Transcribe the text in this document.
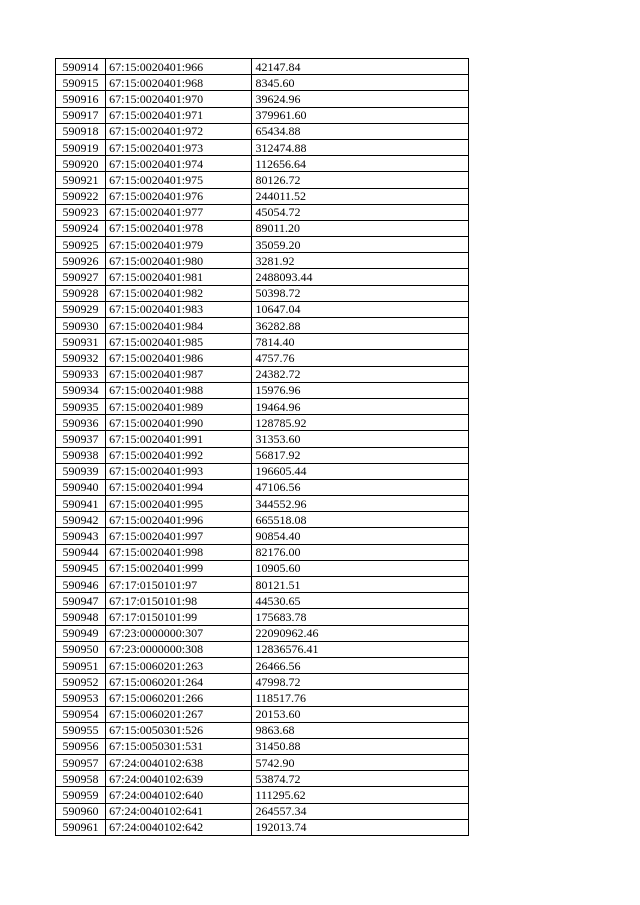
590914	67:15:0020401:966	42147.84
590915	67:15:0020401:968	8345.60
590916	67:15:0020401:970	39624.96
590917	67:15:0020401:971	379961.60
590918	67:15:0020401:972	65434.88
590919	67:15:0020401:973	312474.88
590920	67:15:0020401:974	112656.64
590921	67:15:0020401:975	80126.72
590922	67:15:0020401:976	244011.52
590923	67:15:0020401:977	45054.72
590924	67:15:0020401:978	89011.20
590925	67:15:0020401:979	35059.20
590926	67:15:0020401:980	3281.92
590927	67:15:0020401:981	2488093.44
590928	67:15:0020401:982	50398.72
590929	67:15:0020401:983	10647.04
590930	67:15:0020401:984	36282.88
590931	67:15:0020401:985	7814.40
590932	67:15:0020401:986	4757.76
590933	67:15:0020401:987	24382.72
590934	67:15:0020401:988	15976.96
590935	67:15:0020401:989	19464.96
590936	67:15:0020401:990	128785.92
590937	67:15:0020401:991	31353.60
590938	67:15:0020401:992	56817.92
590939	67:15:0020401:993	196605.44
590940	67:15:0020401:994	47106.56
590941	67:15:0020401:995	344552.96
590942	67:15:0020401:996	665518.08
590943	67:15:0020401:997	90854.40
590944	67:15:0020401:998	82176.00
590945	67:15:0020401:999	10905.60
590946	67:17:0150101:97	80121.51
590947	67:17:0150101:98	44530.65
590948	67:17:0150101:99	175683.78
590949	67:23:0000000:307	22090962.46
590950	67:23:0000000:308	12836576.41
590951	67:15:0060201:263	26466.56
590952	67:15:0060201:264	47998.72
590953	67:15:0060201:266	118517.76
590954	67:15:0060201:267	20153.60
590955	67:15:0050301:526	9863.68
590956	67:15:0050301:531	31450.88
590957	67:24:0040102:638	5742.90
590958	67:24:0040102:639	53874.72
590959	67:24:0040102:640	111295.62
590960	67:24:0040102:641	264557.34
590961	67:24:0040102:642	192013.74
